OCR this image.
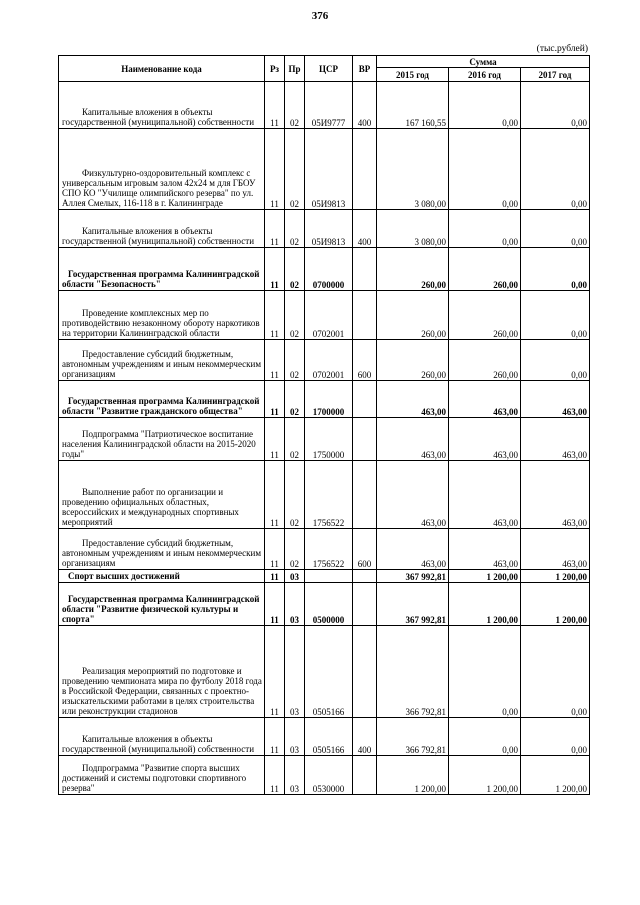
376
(тыс.рублей)
Наименование кода	Рз	Пр	ЦСР	ВР	Сумма		
					2015 год	2016 год	2017 год

Капитальные вложения в объекты государственной (муниципальной) собственности	11	02	05И9777	400	167 160,55	0,00	0,00

Физкультурно-оздоровительный комплекс с универсальным игровым залом 42х24 м для ГБОУ СПО КО "Училище олимпийского резерва" по ул. Аллея Смелых, 116-118 в г. Калининграде	11	02	05И9813		3 080,00	0,00	0,00

Капитальные вложения в объекты государственной (муниципальной) собственности	11	02	05И9813	400	3 080,00	0,00	0,00

Государственная программа Калининградской области "Безопасность"	11	02	0700000		260,00	260,00	0,00

Проведение комплексных мер по противодействию незаконному обороту наркотиков на территории Калининградской области	11	02	0702001		260,00	260,00	0,00

Предоставление субсидий бюджетным, автономным учреждениям и иным некоммерческим организациям	11	02	0702001	600	260,00	260,00	0,00

Государственная программа Калининградской области "Развитие гражданского общества"	11	02	1700000		463,00	463,00	463,00

Подпрограмма "Патриотическое воспитание населения Калининградской области на 2015-2020 годы"	11	02	1750000		463,00	463,00	463,00

Выполнение работ по организации и проведению официальных областных, всероссийских и международных спортивных мероприятий	11	02	1756522		463,00	463,00	463,00

Предоставление субсидий бюджетным, автономным учреждениям и иным некоммерческим организациям	11	02	1756522	600	463,00	463,00	463,00

Спорт высших достижений	11	03			367 992,81	1 200,00	1 200,00

Государственная программа Калининградской области "Развитие физической культуры и спорта"	11	03	0500000		367 992,81	1 200,00	1 200,00

Реализация мероприятий по подготовке и проведению чемпионата мира по футболу 2018 года в Российской Федерации, связанных с проектно-изыскательскими работами в целях строительства или реконструкции стадионов	11	03	0505166		366 792,81	0,00	0,00

Капитальные вложения в объекты государственной (муниципальной) собственности	11	03	0505166	400	366 792,81	0,00	0,00

Подпрограмма "Развитие спорта высших достижений и системы подготовки спортивного резерва"	11	03	0530000		1 200,00	1 200,00	1 200,00
